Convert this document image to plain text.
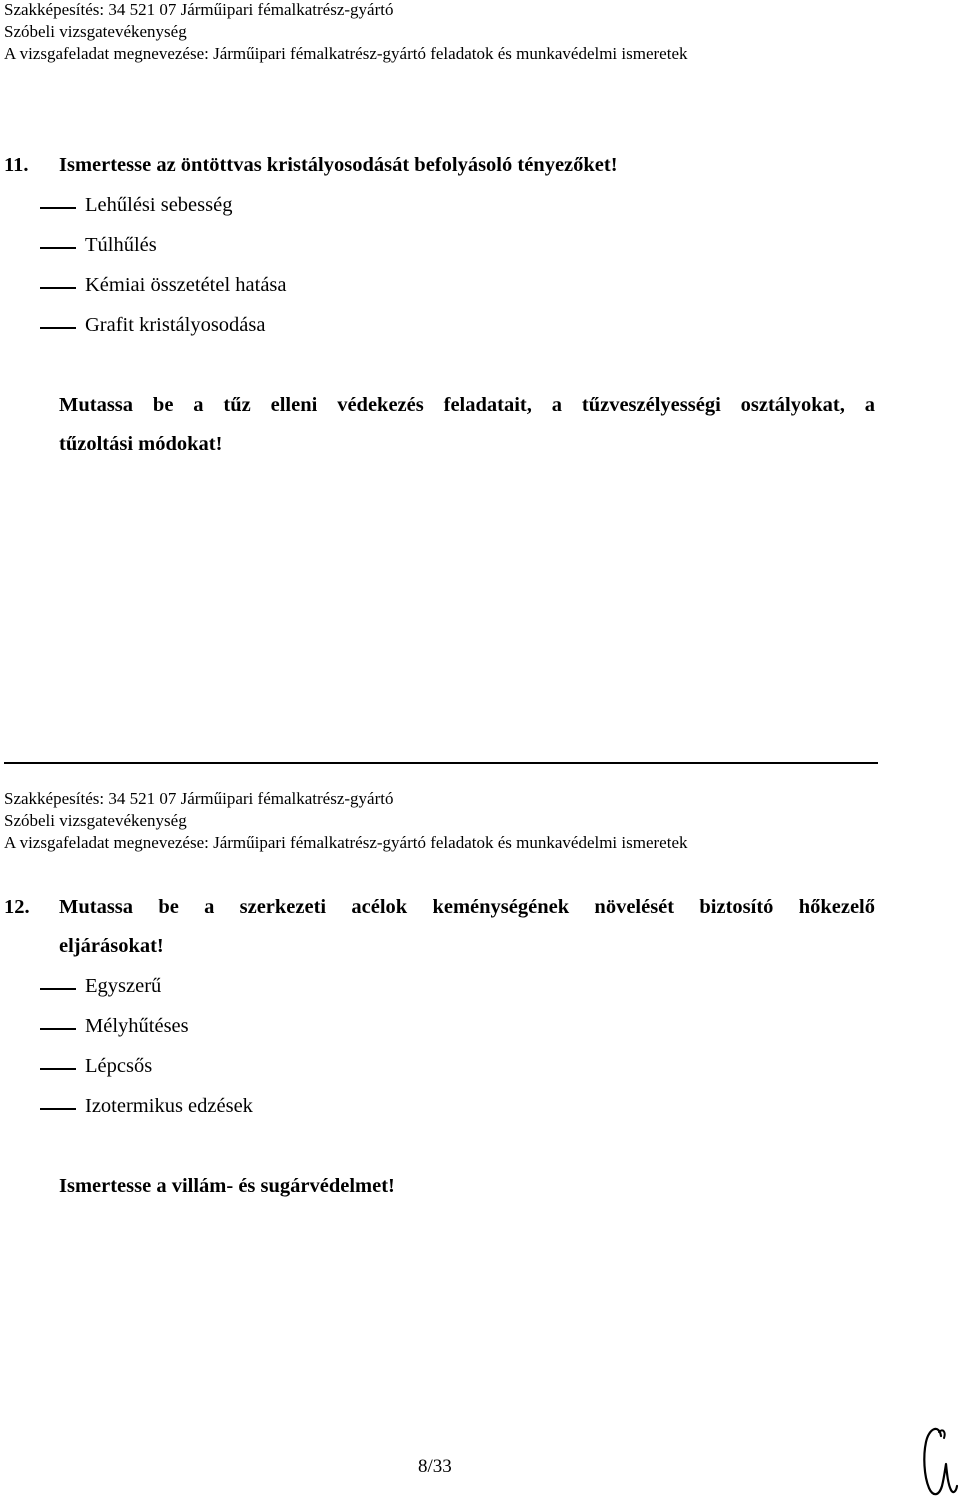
Szakképesítés: 34 521 07 Járműipari fémalkatrész-gyártó
Szóbeli vizsgatevékenység
A vizsgafeladat megnevezése: Járműipari fémalkatrész-gyártó feladatok és munkavédelmi ismeretek
11. Ismertesse az öntöttvas kristályosodását befolyásoló tényezőket!
Lehűlési sebesség
Túlhűlés
Kémiai összetétel hatása
Grafit kristályosodása
Mutassa be a tűz elleni védekezés feladatait, a tűzveszélyességi osztályokat, a
tűzoltási módokat!
Szakképesítés: 34 521 07 Járműipari fémalkatrész-gyártó
Szóbeli vizsgatevékenység
A vizsgafeladat megnevezése: Járműipari fémalkatrész-gyártó feladatok és munkavédelmi ismeretek
12. Mutassa be a szerkezeti acélok keménységének növelését biztosító hőkezelő
eljárásokat!
Egyszerű
Mélyhűtéses
Lépcsős
Izotermikus edzések
Ismertesse a villám- és sugárvédelmet!
8/33
